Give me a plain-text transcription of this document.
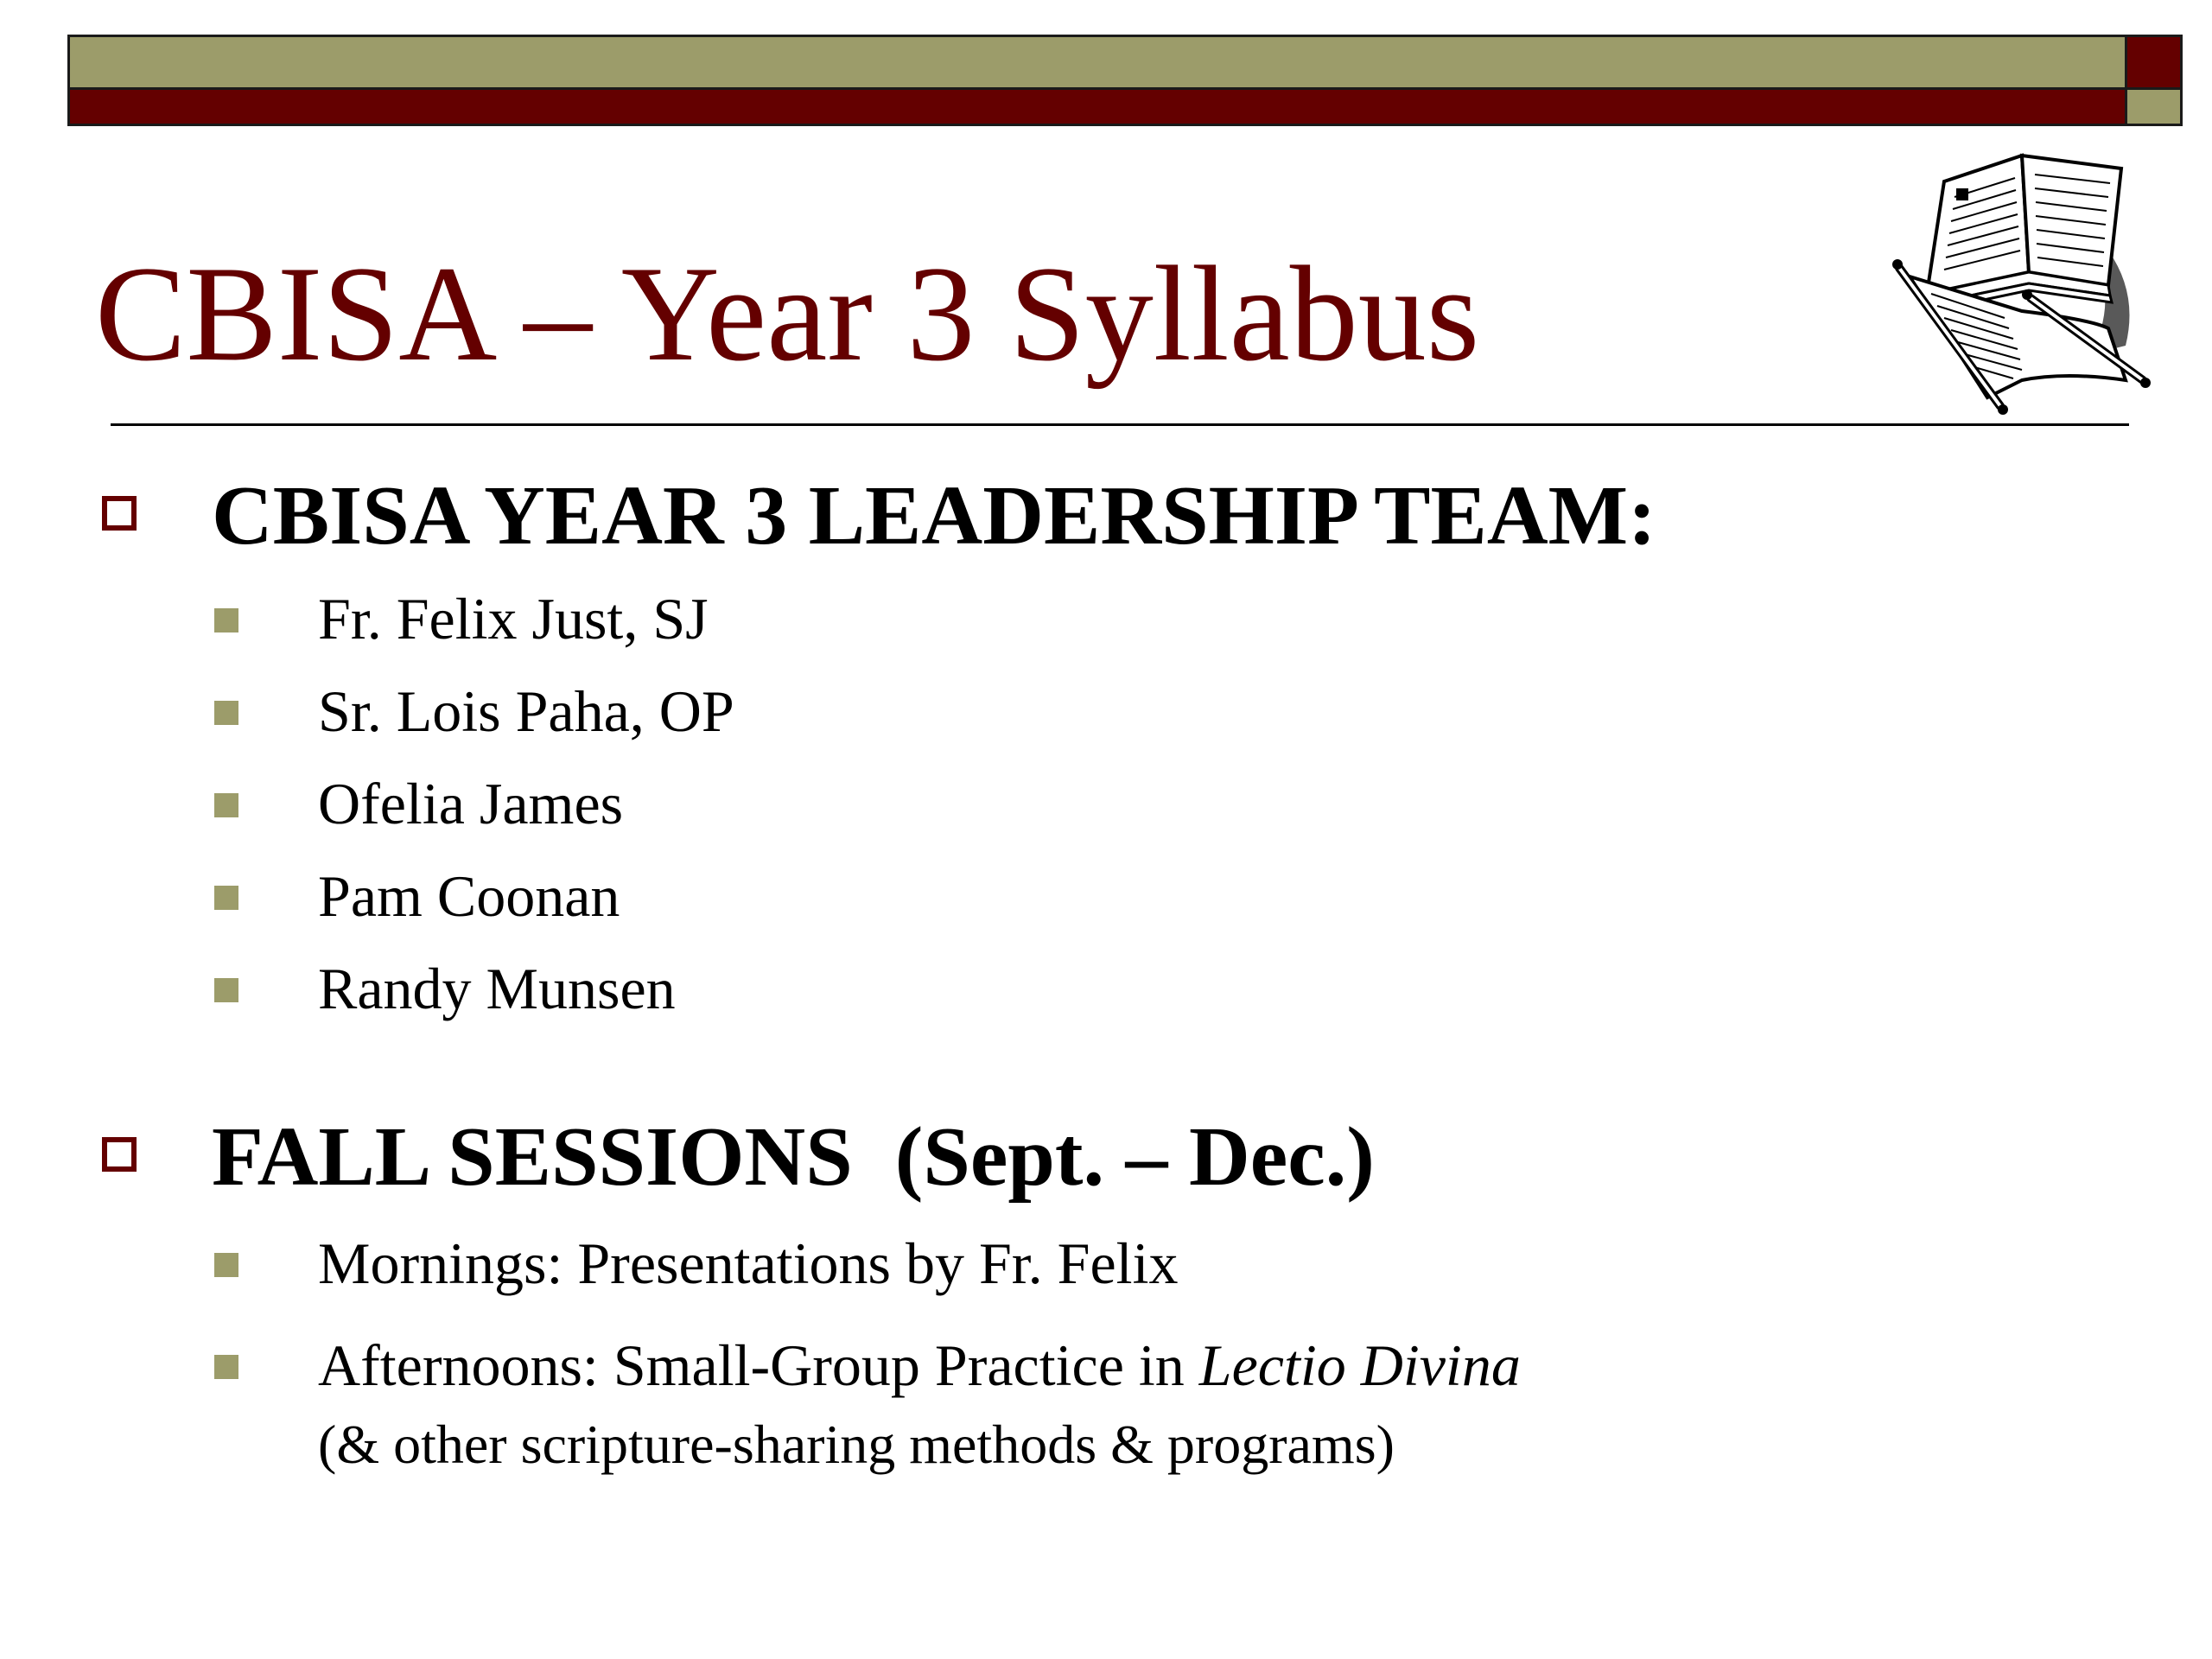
CBISA – Year 3 Syllabus
CBISA YEAR 3 LEADERSHIP TEAM:
Fr. Felix Just, SJ
Sr. Lois Paha, OP
Ofelia James
Pam Coonan
Randy Munsen
FALL SESSIONS  (Sept. – Dec.)
Mornings: Presentations by Fr. Felix
Afternoons: Small-Group Practice in Lectio Divina
(& other scripture-sharing methods & programs)
